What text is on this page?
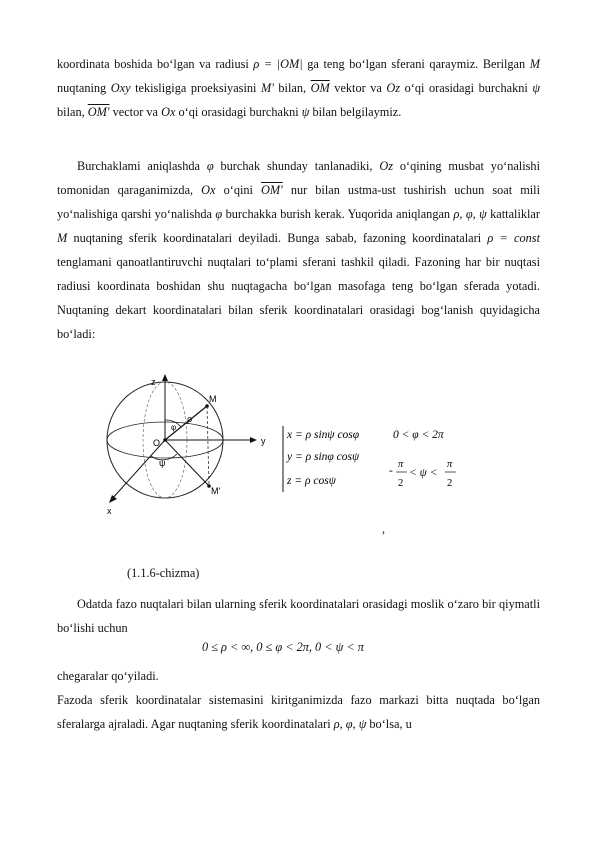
koordinata boshida bo‘lgan va radiusi ρ = |OM| ga teng bo‘lgan sferani qaraymiz. Berilgan M nuqtaning Oxy tekisligiga proeksiyasini M' bilan, $\overline{OM}$ vektor va Oz o‘qi orasidagi burchakni ψ bilan, OM' vector va Ox o‘qi orasidagi burchakni ψ bilan belgilaymiz.

Burchaklami aniqlashda φ burchak shunday tanlanadiki, Oz o‘qining musbat yo‘nalishi tomonidan qaraganimizda, Ox o‘qini OM' nur bilan ustma-ust tushirish uchun soat mili yo‘nalishiga qarshi yo‘nalishda φ burchakka burish kerak. Yuqorida aniqlangan ρ, φ, ψ kattaliklar M nuqtaning sferik koordinatalari deyiladi. Bunga sabab, fazoning koordinatalari ρ = const tenglamani qanoatlantiruvchi nuqtalari to‘plami sferani tashkil qiladi. Fazoning har bir nuqtasi radiusi koordinata boshidan shu nuqtagacha bo‘lgan masofaga teng bo‘lgan sferada yotadi. Nuqtaning dekart koordinatalari bilan sferik koordinatalari orasidagi bog‘lanish quyidagicha bo‘ladi:

z
M
ρ
φ
O	y
ψ
M'
x
x = ρ sinψ cosφ
y = ρ sinφ cosψ
z = ρ cosψ
0 < φ < 2π
-
π
2
< ψ <
π
2
,
(1.1.6-chizma)

Odatda fazo nuqtalari bilan ularning sferik koordinatalari orasidagi moslik o‘zaro bir qiymatli bo‘lishi uchun

0 ≤ ρ < ∞, 0 ≤ φ < 2π, 0 < ψ < π

chegaralar qo‘yiladi.

Fazoda sferik koordinatalar sistemasini kiritganimizda fazo markazi bitta nuqtada bo‘lgan sferalarga ajraladi. Agar nuqtaning sferik koordinatalari ρ, φ, ψ bo‘lsa, u
